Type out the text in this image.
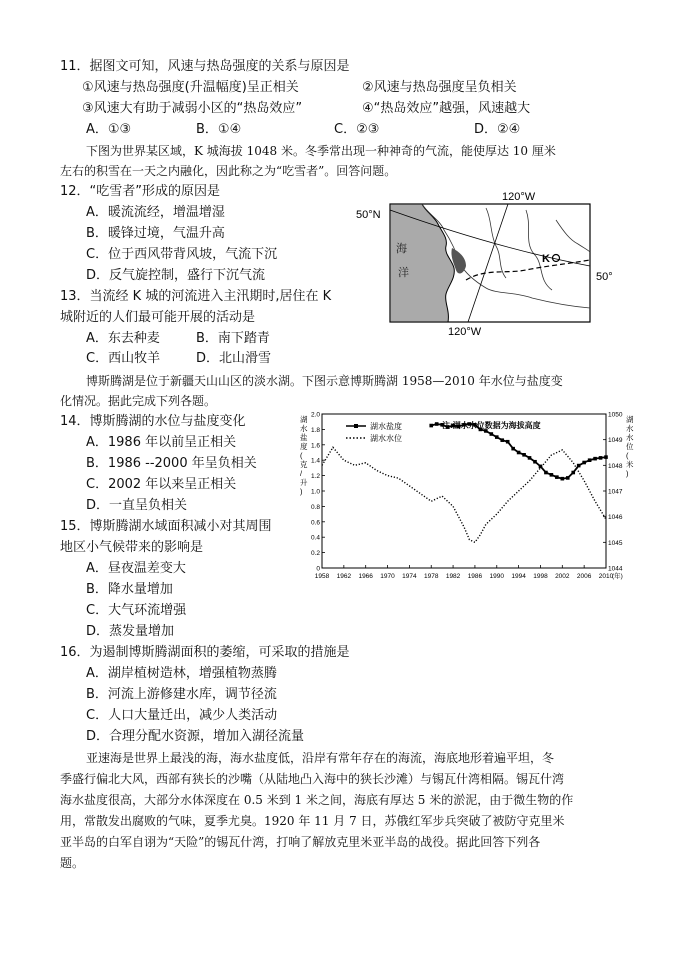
11．据图文可知，风速与热岛强度的关系与原因是
①风速与热岛强度(升温幅度)呈正相关	②风速与热岛强度呈负相关
③风速大有助于减弱小区的“热岛效应”	④“热岛效应”越强，风速越大
A．①③	B．①④	C．②③	D．②④
下图为世界某区域，K 城海拔 1048 米。冬季常出现一种神奇的气流，能使厚达 10 厘米
左右的积雪在一天之内融化，因此称之为“吃雪者”。回答问题。
12．“吃雪者”形成的原因是
A．暖流流经，增温增湿
B．暖锋过境，气温升高
C．位于西风带背风坡，气流下沉
D．反气旋控制，盛行下沉气流
13．当流经 K 城的河流进入主汛期时,居住在 K
城附近的人们最可能开展的活动是
A．东去种麦	B．南下踏青
C．西山牧羊	D．北山滑雪
K
海
洋
50°N
50°
120°W
120°W
博斯腾湖是位于新疆天山山区的淡水湖。下图示意博斯腾湖 1958—2010 年水位与盐度变
化情况。据此完成下列各题。
14．博斯腾湖的水位与盐度变化
A．1986 年以前呈正相关
B．1986 --2000 年呈负相关
C．2002 年以来呈正相关
D．一直呈负相关
15．博斯腾湖水域面积减小对其周围
地区小气候带来的影响是
A．昼夜温差变大
B．降水量增加
C．大气环流增强
D．蒸发量增加
湖
水
盐
度
(
克
/
升
)
湖
水
水
位
(
米
)
2.0
1.8
1.6
1.4
1.2
1.0
0.8
0.6
0.4
0.2
0
1050
1049
1048
1047
1046
1045
1044
1958 1962 1966 1970 1974 1978 1982 1986 1990 1994 1998 2002 2006 2010
(年)
湖水盐度
湖水水位
注:湖水水位数据为海拔高度
16．为遏制博斯腾湖面积的萎缩，可采取的措施是
A．湖岸植树造林，增强植物蒸腾
B．河流上游修建水库，调节径流
C．人口大量迁出，减少人类活动
D．合理分配水资源，增加入湖径流量
亚速海是世界上最浅的海，海水盐度低，沿岸有常年存在的海流，海底地形着遍平坦，冬
季盛行偏北大风，西部有狭长的沙嘴（从陆地凸入海中的狭长沙滩）与锡瓦什湾相隔。锡瓦什湾
海水盐度很高，大部分水体深度在 0.5 米到 1 米之间，海底有厚达 5 米的淤泥，由于微生物的作
用，常散发出腐败的气味，夏季尤臭。1920 年 11 月 7 日，苏俄红军步兵突破了被防守克里米
亚半岛的白军自诩为“天险”的锡瓦什湾，打响了解放克里米亚半岛的战役。据此回答下列各
题。
